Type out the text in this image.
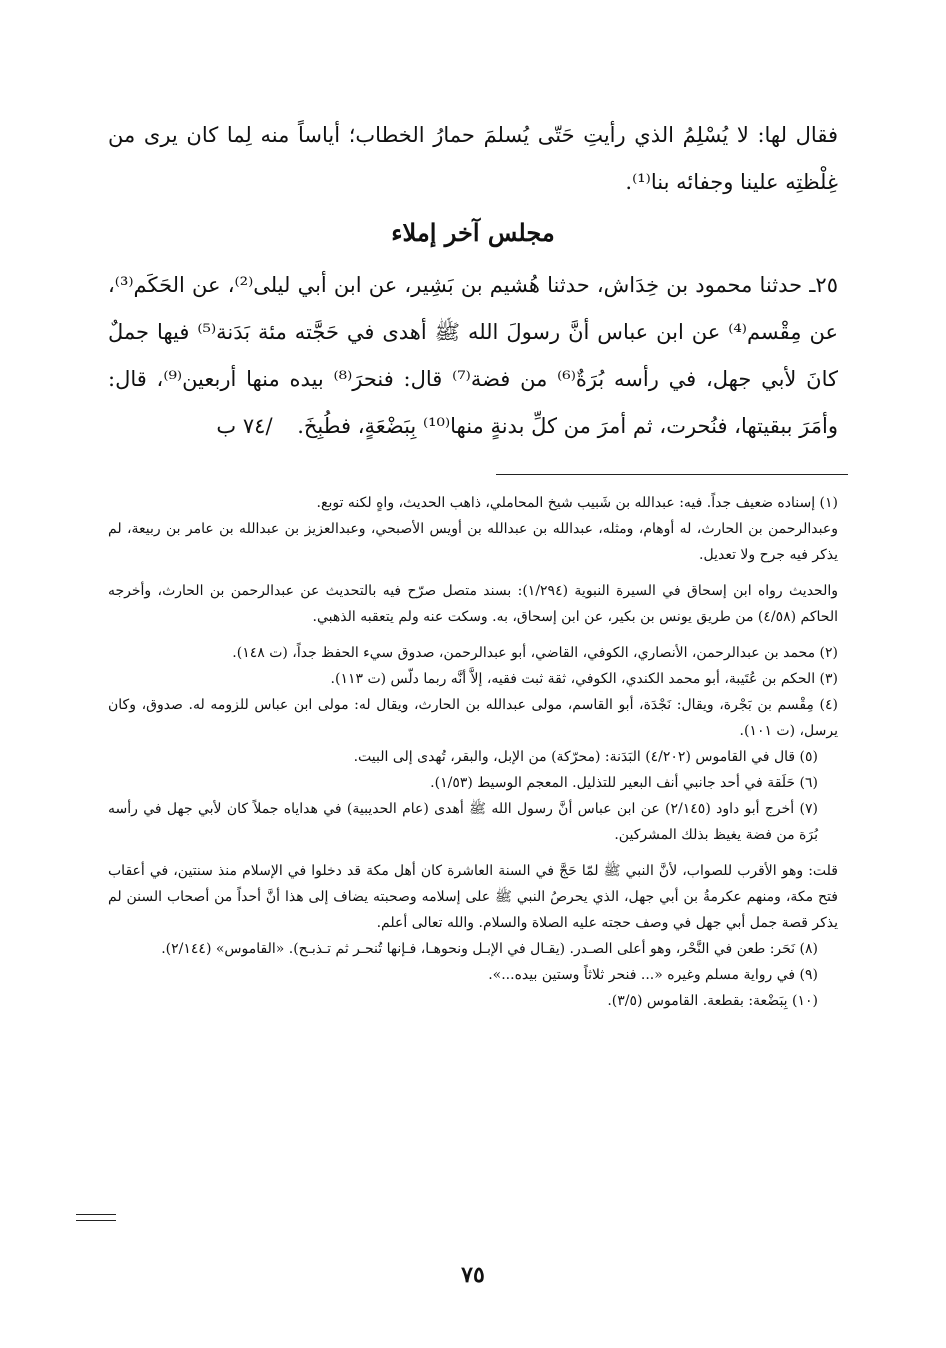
فقال لها: لا يُسْلِمُ الذي رأيتِ حَتّى يُسلمَ حمارُ الخطاب؛ أياساً منه لِما كان يرى من غِلْظتِه علينا وجفائه بنا⁽¹⁾.

مجلس آخر إملاء

٢٥ـ حدثنا محمود بن خِدَاش، حدثنا هُشيم بن بَشِير، عن ابن أبي ليلى⁽²⁾، عن الحَكَم⁽³⁾، عن مِقْسم⁽⁴⁾ عن ابن عباس أنَّ رسولَ الله ﷺ أهدى في حَجَّته مئة بَدَنة⁽⁵⁾ فيها جملٌ كانَ لأبي جهل، في رأسه بُرَةٌ⁽⁶⁾ من فضة⁽⁷⁾ قال: فنحرَ⁽⁸⁾ بيده منها أربعين⁽⁹⁾، قال: وأمَرَ ببقيتها، فنُحرت، ثم أمرَ من كلِّ بدنةٍ منها⁽¹⁰⁾ بِبَضْعَةٍ، فطُبِخَ. /٧٤ ب

(١) إسناده ضعيف جداً. فيه: عبدالله بن شَبيب شيخ المحاملي، ذاهب الحديث، واهٍ لكنه توبع.

وعبدالرحمن بن الحارث، له أوهام، ومثله، عبدالله بن عبدالله بن أويس الأصبحي، وعبدالعزيز بن عبدالله بن عامر بن ربيعة، لم يذكر فيه جرح ولا تعديل.

والحديث رواه ابن إسحاق في السيرة النبوية (١/٢٩٤): بسند متصل صرّح فيه بالتحديث عن عبدالرحمن بن الحارث، وأخرجه الحاكم (٤/٥٨) من طريق يونس بن بكير، عن ابن إسحاق، به. وسكت عنه ولم يتعقبه الذهبي.

(٢) محمد بن عبدالرحمن، الأنصاري، الكوفي، القاضي، أبو عبدالرحمن، صدوق سيء الحفظ جداً، (ت ١٤٨).

(٣) الحكم بن عُتَيبة، أبو محمد الكندي، الكوفي، ثقة ثبت فقيه، إلاَّ أنَّه ربما دلّس (ت ١١٣).

(٤) مِقْسم بن بَجْرة، ويقال: نَجْدَة، أبو القاسم، مولى عبدالله بن الحارث، ويقال له: مولى ابن عباس للزومه له. صدوق، وكان يرسل، (ت ١٠١).

(٥) قال في القاموس (٤/٢٠٢) البَدَنة: (محرّكة) من الإبل، والبقر، تُهدى إلى البيت.

(٦) حَلَقة في أحد جانبي أنف البعير للتذليل. المعجم الوسيط (١/٥٣).

(٧) أخرج أبو داود (٢/١٤٥) عن ابن عباس أنَّ رسول الله ﷺ أهدى (عام الحديبية) في هداياه جملاً كان لأبي جهل في رأسه بُرَة من فضة يغيظ بذلك المشركين.

قلت: وهو الأقرب للصواب، لأنَّ النبي ﷺ لمّا حَجَّ في السنة العاشرة كان أهل مكة قد دخلوا في الإسلام منذ سنتين، في أعقاب فتح مكة، ومنهم عكرمةُ بن أبي جهل، الذي يحرصُ النبي ﷺ على إسلامه وصحبته يضاف إلى هذا أنَّ أحداً من أصحاب السنن لم يذكر قصة جمل أبي جهل في وصف حجته عليه الصلاة والسلام. والله تعالى أعلم.

(٨) نَحَر: طعن في النَّحْر، وهو أعلى الصـدر. (يقـال في الإبـل ونحوهـا، فـإنها تُنحـر ثم تـذبـح). «القاموس» (٢/١٤٤).

(٩) في رواية مسلم وغيره «... فنحر ثلاثاً وستين بيده...».

(١٠) بِبَضْعة: بقطعة. القاموس (٣/٥).

٧٥
